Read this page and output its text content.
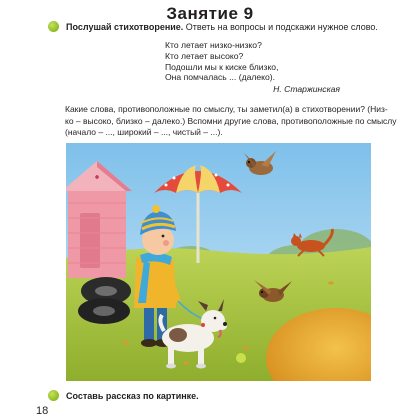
Занятие 9
Послушай стихотворение. Ответь на вопросы и подскажи нужное слово.
Кто летает низко-низко?
Кто летает высоко?
Подошли мы к киске близко,
Она помчалась ... (далеко).
Н. Старжинская
Какие слова, противоположные по смыслу, ты заметил(а) в стихотворении? (Низ-
ко – высоко, близко – далеко.) Вспомни другие слова, противоположные по смыслу
(начало – ..., широкий – ..., чистый – ...).
Составь рассказ по картинке.
18
